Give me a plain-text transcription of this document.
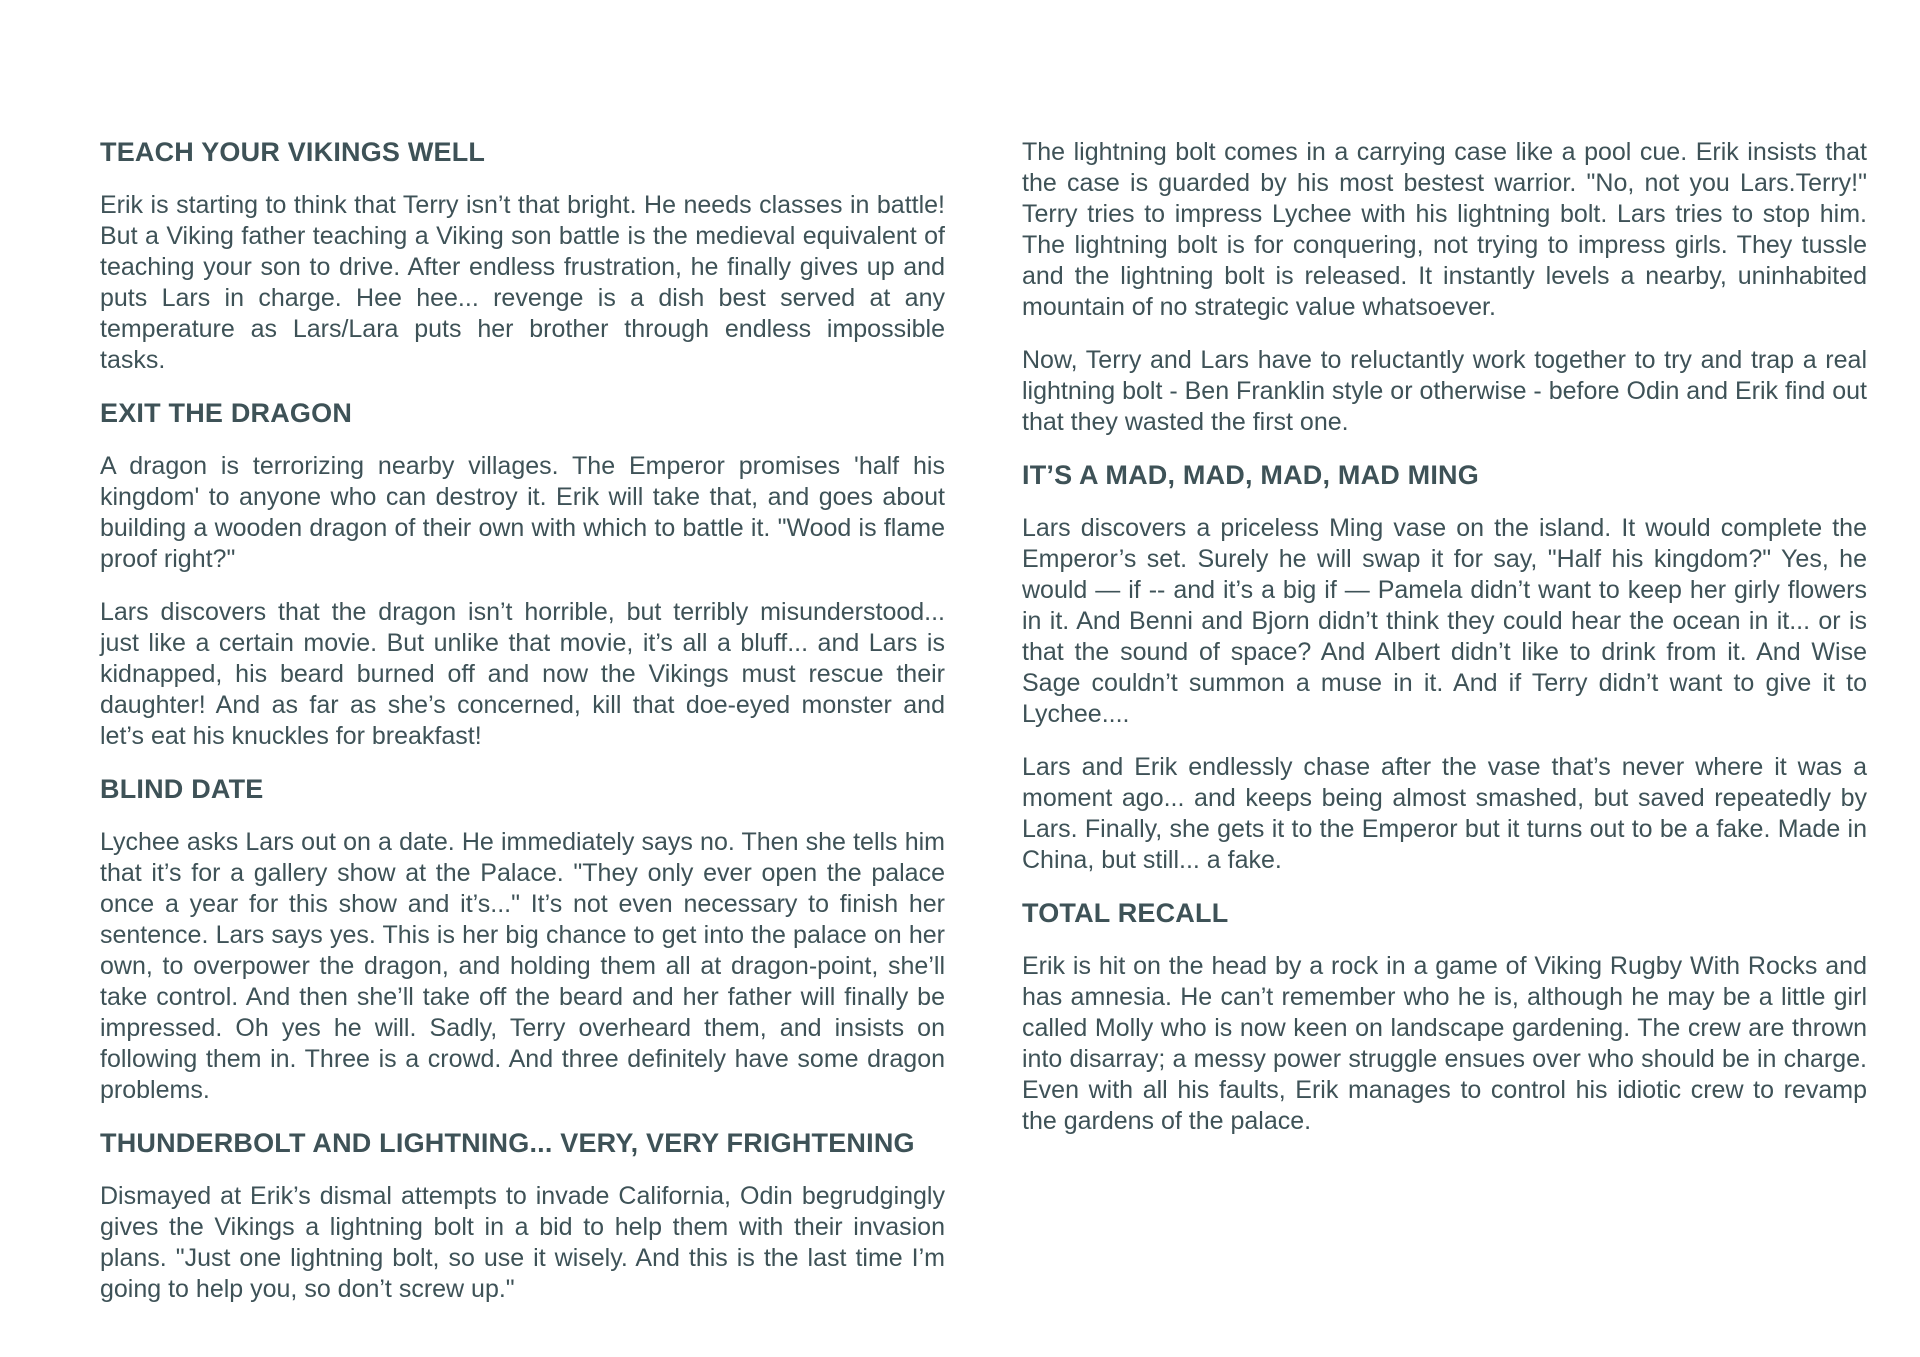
TEACH YOUR VIKINGS WELL

Erik is starting to think that Terry isn’t that bright. He needs classes in battle! But a Viking father teaching a Viking son battle is the medieval equivalent of teaching your son to drive. After endless frustration, he finally gives up and puts Lars in charge. Hee hee... revenge is a dish best served at any temperature as Lars/Lara puts her brother through endless impossible tasks.

EXIT THE DRAGON

A dragon is terrorizing nearby villages. The Emperor promises 'half his kingdom' to anyone who can destroy it. Erik will take that, and goes about building a wooden dragon of their own with which to battle it. "Wood is flame proof right?"

Lars discovers that the dragon isn’t horrible, but terribly misunderstood... just like a certain movie. But unlike that movie, it’s all a bluff... and Lars is kidnapped, his beard burned off and now the Vikings must rescue their daughter! And as far as she’s concerned, kill that doe-eyed monster and let’s eat his knuckles for breakfast!

BLIND DATE

Lychee asks Lars out on a date. He immediately says no. Then she tells him that it’s for a gallery show at the Palace. "They only ever open the palace once a year for this show and it’s..." It’s not even necessary to finish her sentence. Lars says yes. This is her big chance to get into the palace on her own, to overpower the dragon, and holding them all at dragon-point, she’ll take control. And then she’ll take off the beard and her father will finally be impressed. Oh yes he will. Sadly, Terry overheard them, and insists on following them in. Three is a crowd. And three definitely have some dragon problems.

THUNDERBOLT AND LIGHTNING... VERY, VERY FRIGHTENING

Dismayed at Erik’s dismal attempts to invade California, Odin begrudgingly gives the Vikings a lightning bolt in a bid to help them with their invasion plans. "Just one lightning bolt, so use it wisely. And this is the last time I’m going to help you, so don’t screw up."

The lightning bolt comes in a carrying case like a pool cue. Erik insists that the case is guarded by his most bestest warrior. "No, not you Lars.Terry!" Terry tries to impress Lychee with his lightning bolt. Lars tries to stop him. The lightning bolt is for conquering, not trying to impress girls. They tussle and the lightning bolt is released. It instantly levels a nearby, uninhabited mountain of no strategic value whatsoever.

Now, Terry and Lars have to reluctantly work together to try and trap a real lightning bolt - Ben Franklin style or otherwise - before Odin and Erik find out that they wasted the first one.

IT’S A MAD, MAD, MAD, MAD MING

Lars discovers a priceless Ming vase on the island. It would complete the Emperor’s set. Surely he will swap it for say, "Half his kingdom?" Yes, he would — if -- and it’s a big if — Pamela didn’t want to keep her girly flowers in it. And Benni and Bjorn didn’t think they could hear the ocean in it... or is that the sound of space? And Albert didn’t like to drink from it. And Wise Sage couldn’t summon a muse in it. And if Terry didn’t want to give it to Lychee....

Lars and Erik endlessly chase after the vase that’s never where it was a moment ago... and keeps being almost smashed, but saved repeatedly by Lars. Finally, she gets it to the Emperor but it turns out to be a fake. Made in China, but still... a fake.

TOTAL RECALL

Erik is hit on the head by a rock in a game of Viking Rugby With Rocks and has amnesia. He can’t remember who he is, although he may be a little girl called Molly who is now keen on landscape gardening. The crew are thrown into disarray; a messy power struggle ensues over who should be in charge. Even with all his faults, Erik manages to control his idiotic crew to revamp the gardens of the palace.
